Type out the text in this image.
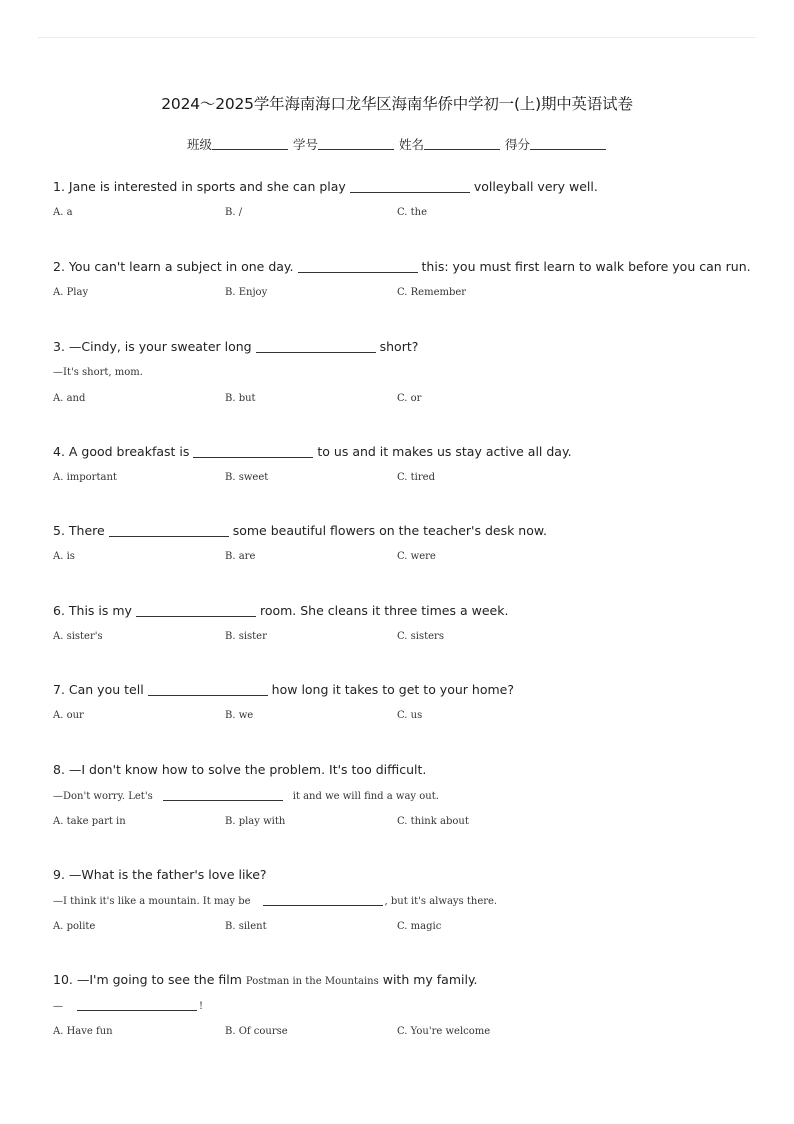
2024～2025学年海南海口龙华区海南华侨中学初一(上)期中英语试卷
班级	学号	姓名	得分
1. Jane is interested in sports and she can play	volleyball very well.
A. a	B. /	C. the
2. You can't learn a subject in one day.	this: you must first learn to walk before you can run.
A. Play	B. Enjoy	C. Remember
3. —Cindy, is your sweater long	short?
—It's short, mom.
A. and	B. but	C. or
4. A good breakfast is	to us and it makes us stay active all day.
A. important	B. sweet	C. tired
5. There	some beautiful flowers on the teacher's desk now.
A. is	B. are	C. were
6. This is my	room. She cleans it three times a week.
A. sister's	B. sister	C. sisters
7. Can you tell	how long it takes to get to your home?
A. our	B. we	C. us
8. —I don't know how to solve the problem. It's too difficult.
—Don't worry. Let's	it and we will find a way out.
A. take part in	B. play with	C. think about
9. —What is the father's love like?
—I think it's like a mountain. It may be	, but it's always there.
A. polite	B. silent	C. magic
10. —I'm going to see the film Postman in the Mountains with my family.
—	!
A. Have fun	B. Of course	C. You're welcome
